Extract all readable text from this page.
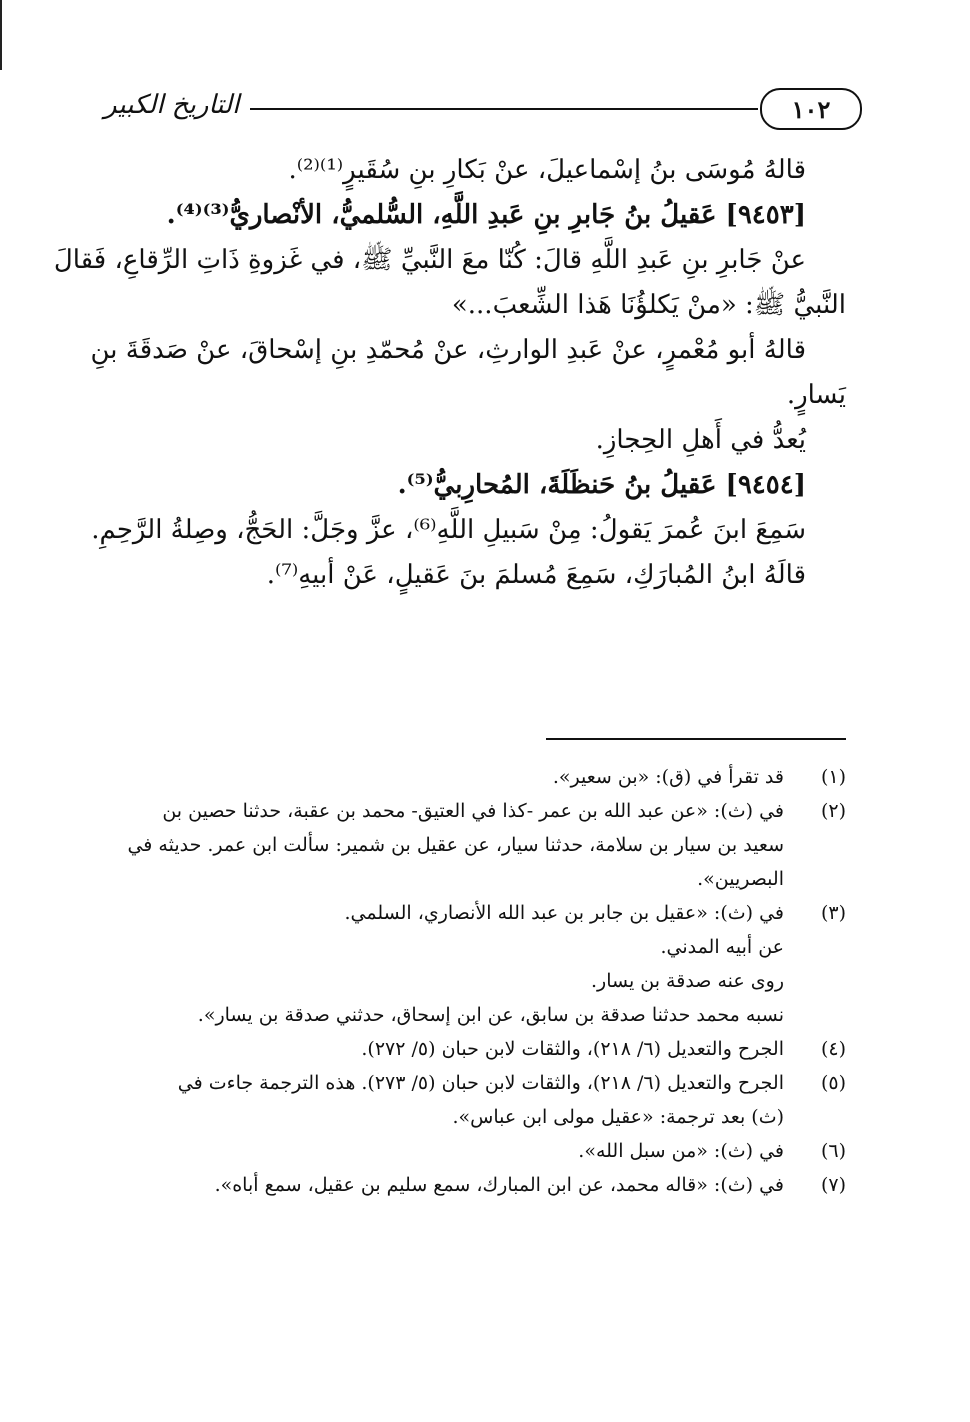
التاريخ الكبير	١٠٢
قالهُ مُوسَى بنُ إسْماعيلَ، عنْ بَكارِ بنِ سُقَيرٍ⁽¹⁾⁽²⁾.
[٩٤٥٣] عَقيلُ بنُ جَابرِ بنِ عَبدِ اللَّهِ، السُّلميُّ، الأنْصاريُّ⁽³⁾⁽⁴⁾.
عنْ جَابرِ بنِ عَبدِ اللَّهِ قالَ: كُنّا معَ النَّبيِّ ﷺ، في غَزوةِ ذَاتِ الرِّقاعِ، فَقالَ
النَّبيُّ ﷺ: «منْ يَكلؤُنَا هَذا الشِّعبَ...»
قالهُ أبو مُعْمرٍ، عنْ عَبدِ الوارثِ، عنْ مُحمّدِ بنِ إسْحاقَ، عنْ صَدقَةَ بنِ
يَسارٍ.
يُعدُّ في أَهلِ الحِجازِ.
[٩٤٥٤] عَقيلُ بنُ حَنظَلَةَ، المُحارِبيُّ⁽⁵⁾.
سَمِعَ ابنَ عُمرَ يَقولُ: مِنْ سَبيلِ اللَّهِ⁽⁶⁾، عزَّ وجَلَّ: الحَجُّ، وصِلةُ الرَّحِمِ.
قالَهُ ابنُ المُبارَكِ، سَمِعَ مُسلمَ بنَ عَقيلٍ، عَنْ أبيهِ⁽⁷⁾.
(١)قد تقرأ في (ق): «بن سعير».
(٢)في (ث): «عن عبد الله بن عمر -كذا في العتيق- محمد بن عقبة، حدثنا حصين بن
سعيد بن سيار بن سلامة، حدثنا سيار، عن عقيل بن شمير: سألت ابن عمر. حديثه في
البصريين».
(٣)في (ث): «عقيل بن جابر بن عبد الله الأنصاري، السلمي.
عن أبيه المدني.
روى عنه صدقة بن يسار.
نسبه محمد حدثنا صدقة بن سابق، عن ابن إسحاق، حدثني صدقة بن يسار».
(٤)الجرح والتعديل (٦/ ٢١٨)، والثقات لابن حبان (٥/ ٢٧٢).
(٥)الجرح والتعديل (٦/ ٢١٨)، والثقات لابن حبان (٥/ ٢٧٣). هذه الترجمة جاءت في
(ث) بعد ترجمة: «عقيل مولى ابن عباس».
(٦)في (ث): «من سبل الله».
(٧)في (ث): «قاله محمد، عن ابن المبارك، سمع سليم بن عقيل، سمع أباه».
